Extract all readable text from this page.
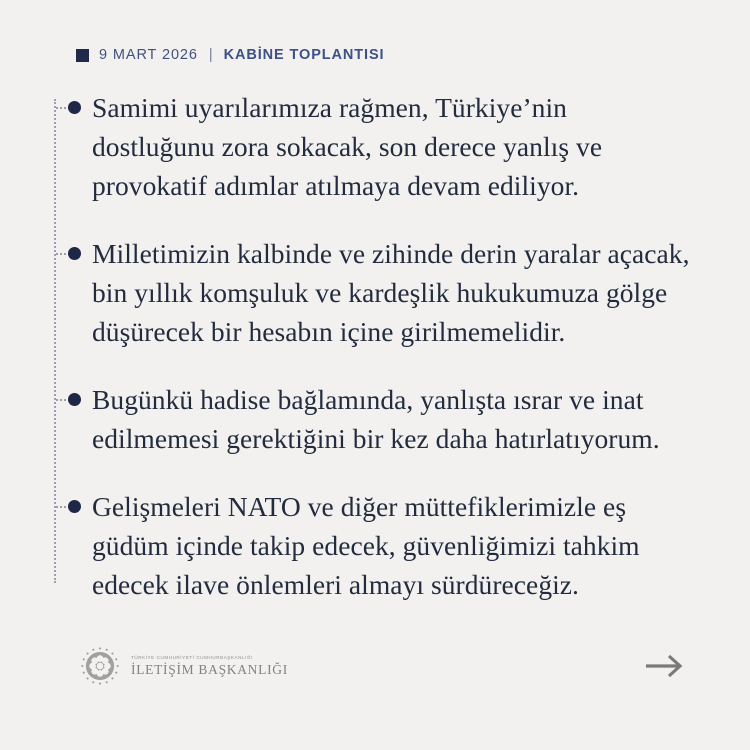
9 MART 2026 | KABİNE TOPLANTISI

Samimi uyarılarımıza rağmen, Türkiye’nin dostluğunu zora sokacak, son derece yanlış ve provokatif adımlar atılmaya devam ediliyor.

Milletimizin kalbinde ve zihinde derin yaralar açacak, bin yıllık komşuluk ve kardeşlik hukukumuza gölge düşürecek bir hesabın içine girilmemelidir.

Bugünkü hadise bağlamında, yanlışta ısrar ve inat edilmemesi gerektiğini bir kez daha hatırlatıyorum.

Gelişmeleri NATO ve diğer müttefiklerimizle eş güdüm içinde takip edecek, güvenliğimizi tahkim edecek ilave önlemleri almayı sürdüreceğiz.

TÜRKİYE CUMHURİYETİ CUMHURBAŞKANLIĞI
İLETİŞİM BAŞKANLIĞI
